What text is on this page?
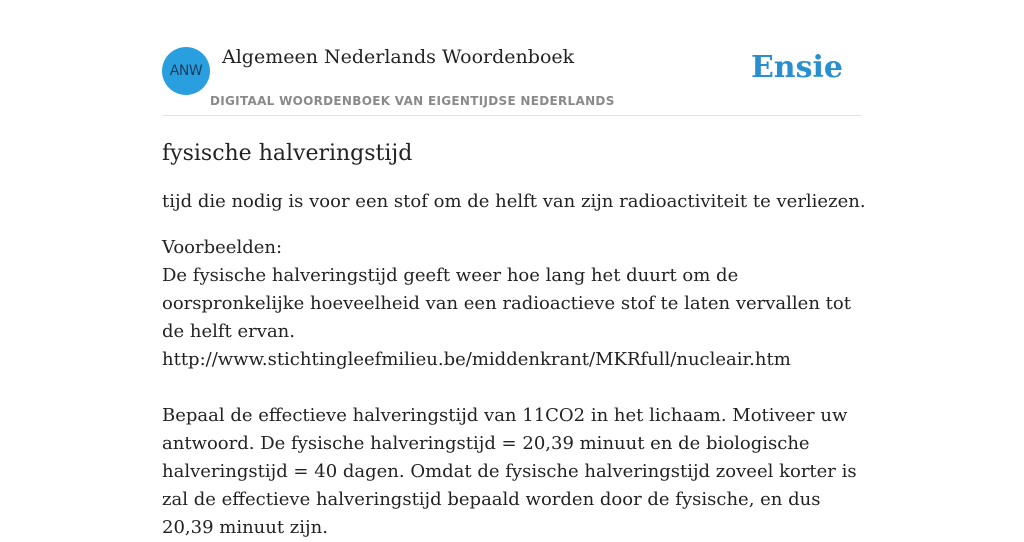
ANW
Algemeen Nederlands Woordenboek
DIGITAAL WOORDENBOEK VAN EIGENTIJDSE NEDERLANDS
Ensie
fysische halveringstijd

tijd die nodig is voor een stof om de helft van zijn radioactiviteit te verliezen.

Voorbeelden:
De fysische halveringstijd geeft weer hoe lang het duurt om de oorspronkelijke hoeveelheid van een radioactieve stof te laten vervallen tot de helft ervan.
http://www.stichtingleefmilieu.be/middenkrant/MKRfull/nucleair.htm
Bepaal de effectieve halveringstijd van 11CO2 in het lichaam. Motiveer uw antwoord. De fysische halveringstijd = 20,39 minuut en de biologische halveringstijd = 40 dagen. Omdat de fysische halveringstijd zoveel korter is zal de effectieve halveringstijd bepaald worden door de fysische, en dus 20,39 minuut zijn.
